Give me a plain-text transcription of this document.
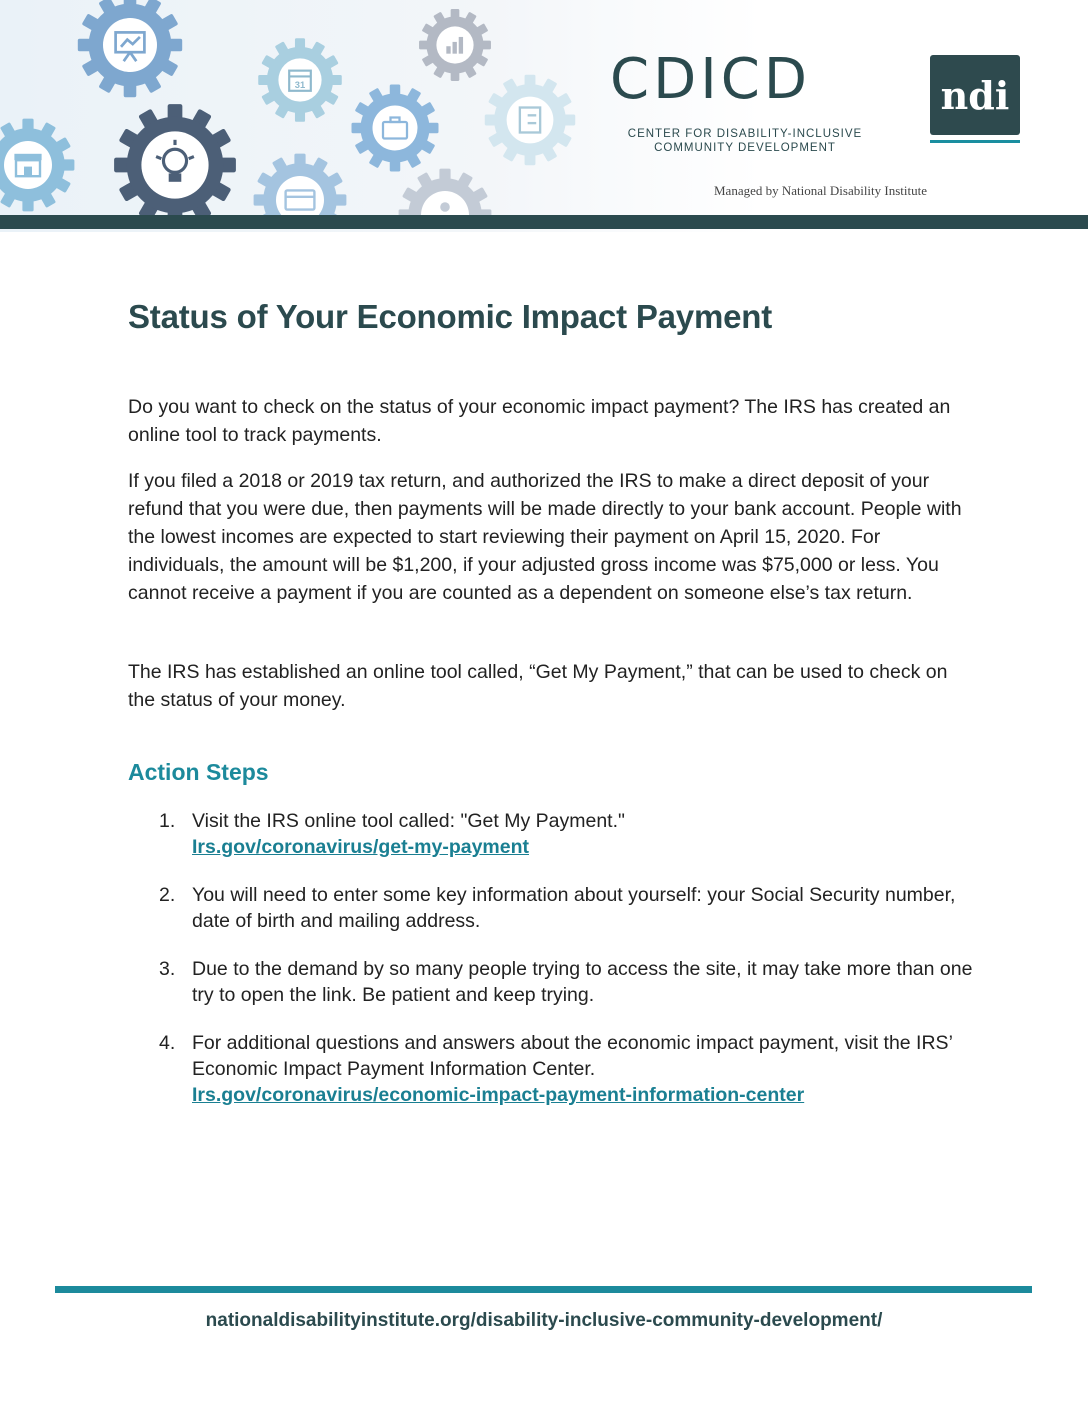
31	CDICD
CENTER FOR DISABILITY-INCLUSIVE
COMMUNITY DEVELOPMENT
ndi
Managed by National Disability Institute
Status of Your Economic Impact Payment

Do you want to check on the status of your economic impact payment? The IRS has created an online tool to track payments.

If you filed a 2018 or 2019 tax return, and authorized the IRS to make a direct deposit of your refund that you were due, then payments will be made directly to your bank account. People with the lowest incomes are expected to start reviewing their payment on April 15, 2020. For individuals, the amount will be $1,200, if your adjusted gross income was $75,000 or less. You cannot receive a payment if you are counted as a dependent on someone else’s tax return.

The IRS has established an online tool called, “Get My Payment,” that can be used to check on the status of your money.

Action Steps
1. Visit the IRS online tool called: "Get My Payment."
Irs.gov/coronavirus/get-my-payment
2. You will need to enter some key information about yourself: your Social Security number, date of birth and mailing address.
3. Due to the demand by so many people trying to access the site, it may take more than one try to open the link. Be patient and keep trying.
4. For additional questions and answers about the economic impact payment, visit the IRS’ Economic Impact Payment Information Center.
Irs.gov/coronavirus/economic-impact-payment-information-center
nationaldisabilityinstitute.org/disability-inclusive-community-development/
